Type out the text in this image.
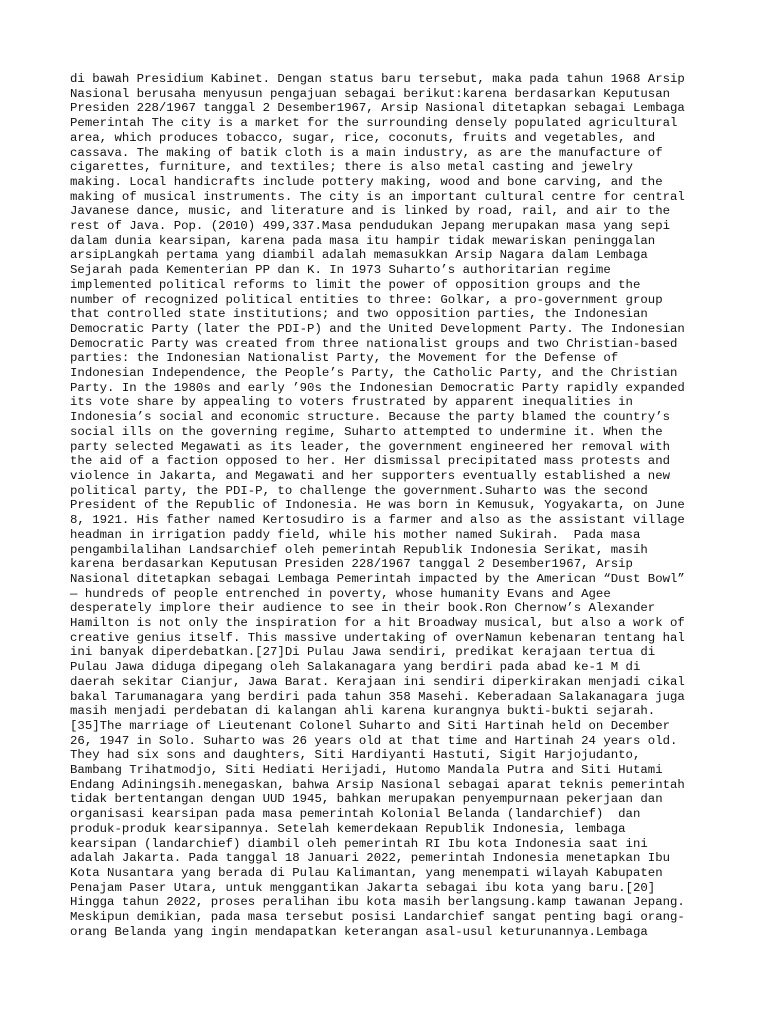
di bawah Presidium Kabinet. Dengan status baru tersebut, maka pada tahun 1968 Arsip
Nasional berusaha menyusun pengajuan sebagai berikut:karena berdasarkan Keputusan
Presiden 228/1967 tanggal 2 Desember1967, Arsip Nasional ditetapkan sebagai Lembaga
Pemerintah The city is a market for the surrounding densely populated agricultural
area, which produces tobacco, sugar, rice, coconuts, fruits and vegetables, and
cassava. The making of batik cloth is a main industry, as are the manufacture of
cigarettes, furniture, and textiles; there is also metal casting and jewelry
making. Local handicrafts include pottery making, wood and bone carving, and the
making of musical instruments. The city is an important cultural centre for central
Javanese dance, music, and literature and is linked by road, rail, and air to the
rest of Java. Pop. (2010) 499,337.Masa pendudukan Jepang merupakan masa yang sepi
dalam dunia kearsipan, karena pada masa itu hampir tidak mewariskan peninggalan
arsipLangkah pertama yang diambil adalah memasukkan Arsip Nagara dalam Lembaga
Sejarah pada Kementerian PP dan K. In 1973 Suharto’s authoritarian regime
implemented political reforms to limit the power of opposition groups and the
number of recognized political entities to three: Golkar, a pro-government group
that controlled state institutions; and two opposition parties, the Indonesian
Democratic Party (later the PDI-P) and the United Development Party. The Indonesian
Democratic Party was created from three nationalist groups and two Christian-based
parties: the Indonesian Nationalist Party, the Movement for the Defense of
Indonesian Independence, the People’s Party, the Catholic Party, and the Christian
Party. In the 1980s and early ’90s the Indonesian Democratic Party rapidly expanded
its vote share by appealing to voters frustrated by apparent inequalities in
Indonesia’s social and economic structure. Because the party blamed the country’s
social ills on the governing regime, Suharto attempted to undermine it. When the
party selected Megawati as its leader, the government engineered her removal with
the aid of a faction opposed to her. Her dismissal precipitated mass protests and
violence in Jakarta, and Megawati and her supporters eventually established a new
political party, the PDI-P, to challenge the government.Suharto was the second
President of the Republic of Indonesia. He was born in Kemusuk, Yogyakarta, on June
8, 1921. His father named Kertosudiro is a farmer and also as the assistant village
headman in irrigation paddy field, while his mother named Sukirah.  Pada masa
pengambilalihan Landsarchief oleh pemerintah Republik Indonesia Serikat, masih
karena berdasarkan Keputusan Presiden 228/1967 tanggal 2 Desember1967, Arsip
Nasional ditetapkan sebagai Lembaga Pemerintah impacted by the American “Dust Bowl”
— hundreds of people entrenched in poverty, whose humanity Evans and Agee
desperately implore their audience to see in their book.Ron Chernow’s Alexander
Hamilton is not only the inspiration for a hit Broadway musical, but also a work of
creative genius itself. This massive undertaking of overNamun kebenaran tentang hal
ini banyak diperdebatkan.[27]Di Pulau Jawa sendiri, predikat kerajaan tertua di
Pulau Jawa diduga dipegang oleh Salakanagara yang berdiri pada abad ke-1 M di
daerah sekitar Cianjur, Jawa Barat. Kerajaan ini sendiri diperkirakan menjadi cikal
bakal Tarumanagara yang berdiri pada tahun 358 Masehi. Keberadaan Salakanagara juga
masih menjadi perdebatan di kalangan ahli karena kurangnya bukti-bukti sejarah.
[35]The marriage of Lieutenant Colonel Suharto and Siti Hartinah held on December
26, 1947 in Solo. Suharto was 26 years old at that time and Hartinah 24 years old.
They had six sons and daughters, Siti Hardiyanti Hastuti, Sigit Harjojudanto,
Bambang Trihatmodjo, Siti Hediati Herijadi, Hutomo Mandala Putra and Siti Hutami
Endang Adiningsih.menegaskan, bahwa Arsip Nasional sebagai aparat teknis pemerintah
tidak bertentangan dengan UUD 1945, bahkan merupakan penyempurnaan pekerjaan dan
organisasi kearsipan pada masa pemerintah Kolonial Belanda (landarchief)  dan
produk-produk kearsipannya. Setelah kemerdekaan Republik Indonesia, lembaga
kearsipan (landarchief) diambil oleh pemerintah RI Ibu kota Indonesia saat ini
adalah Jakarta. Pada tanggal 18 Januari 2022, pemerintah Indonesia menetapkan Ibu
Kota Nusantara yang berada di Pulau Kalimantan, yang menempati wilayah Kabupaten
Penajam Paser Utara, untuk menggantikan Jakarta sebagai ibu kota yang baru.[20]
Hingga tahun 2022, proses peralihan ibu kota masih berlangsung.kamp tawanan Jepang.
Meskipun demikian, pada masa tersebut posisi Landarchief sangat penting bagi orang-
orang Belanda yang ingin mendapatkan keterangan asal-usul keturunannya.Lembaga
